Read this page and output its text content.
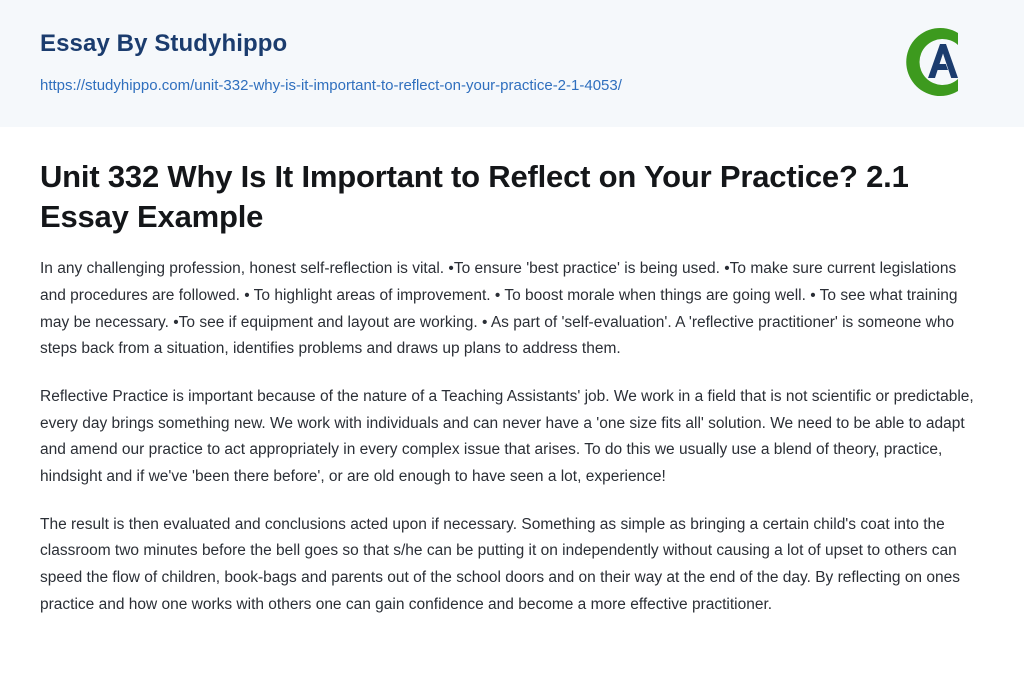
Essay By Studyhippo
https://studyhippo.com/unit-332-why-is-it-important-to-reflect-on-your-practice-2-1-4053/
Unit 332 Why Is It Important to Reflect on Your Practice? 2.1 Essay Example

In any challenging profession, honest self-reflection is vital. •To ensure 'best practice' is being used. •To make sure current legislations and procedures are followed. • To highlight areas of improvement. • To boost morale when things are going well. • To see what training may be necessary. •To see if equipment and layout are working. • As part of 'self-evaluation'. A 'reflective practitioner' is someone who steps back from a situation, identifies problems and draws up plans to address them.

Reflective Practice is important because of the nature of a Teaching Assistants' job. We work in a field that is not scientific or predictable, every day brings something new. We work with individuals and can never have a 'one size fits all' solution. We need to be able to adapt and amend our practice to act appropriately in every complex issue that arises. To do this we usually use a blend of theory, practice, hindsight and if we've 'been there before', or are old enough to have seen a lot, experience!

The result is then evaluated and conclusions acted upon if necessary. Something as simple as bringing a certain child's coat into the classroom two minutes before the bell goes so that s/he can be putting it on independently without causing a lot of upset to others can speed the flow of children, book-bags and parents out of the school doors and on their way at the end of the day. By reflecting on ones practice and how one works with others one can gain confidence and become a more effective practitioner.
